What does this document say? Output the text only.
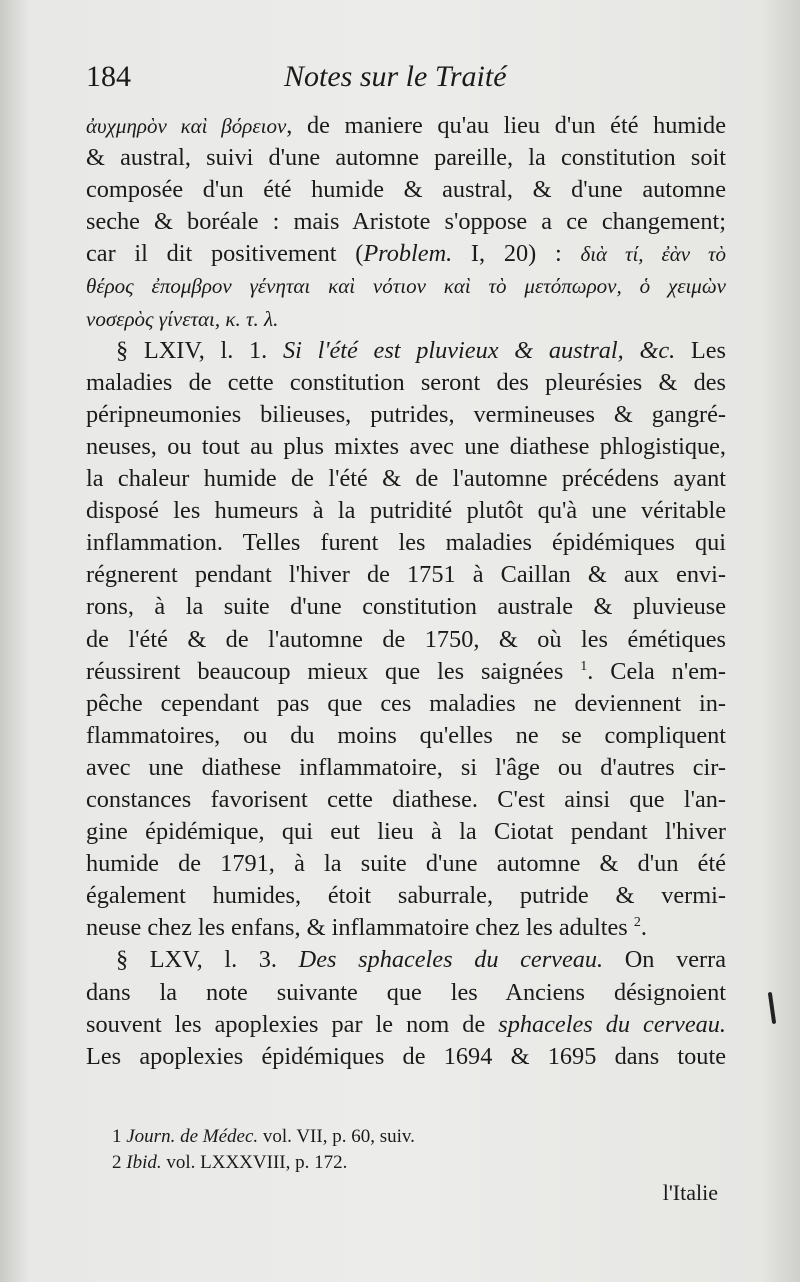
184	Notes sur le Traité
ἀυχμηρὸν καὶ βόρειον, de maniere qu'au lieu d'un été humide
& austral, suivi d'une automne pareille, la constitution soit
composée d'un été humide & austral, & d'une automne
seche & boréale : mais Aristote s'oppose a ce changement;
car il dit positivement (Problem. I, 20) : διὰ τί, ἐὰν τὸ
θέρος ἐπομβρον γένηται καὶ νότιον καὶ τὸ μετόπωρον, ὁ χειμὼν
νοσερὸς γίνεται, κ. τ. λ.
§ LXIV, l. 1. Si l'été est pluvieux & austral, &c. Les
maladies de cette constitution seront des pleurésies & des
péripneumonies bilieuses, putrides, vermineuses & gangré-
neuses, ou tout au plus mixtes avec une diathese phlogistique,
la chaleur humide de l'été & de l'automne précédens ayant
disposé les humeurs à la putridité plutôt qu'à une véritable
inflammation. Telles furent les maladies épidémiques qui
régnerent pendant l'hiver de 1751 à Caillan & aux envi-
rons, à la suite d'une constitution australe & pluvieuse
de l'été & de l'automne de 1750, & où les émétiques
réussirent beaucoup mieux que les saignées $^1$. Cela n'em-
pêche cependant pas que ces maladies ne deviennent in-
flammatoires, ou du moins qu'elles ne se compliquent
avec une diathese inflammatoire, si l'âge ou d'autres cir-
constances favorisent cette diathese. C'est ainsi que l'an-
gine épidémique, qui eut lieu à la Ciotat pendant l'hiver
humide de 1791, à la suite d'une automne & d'un été
également humides, étoit saburrale, putride & vermi-
neuse chez les enfans, & inflammatoire chez les adultes $^2$.
§ LXV, l. 3. Des sphaceles du cerveau. On verra
dans la note suivante que les Anciens désignoient
souvent les apoplexies par le nom de sphaceles du cerveau.
Les apoplexies épidémiques de 1694 & 1695 dans toute
1 Journ. de Médec. vol. VII, p. 60, suiv.
2 Ibid. vol. LXXXVIII, p. 172.
l'Italie
